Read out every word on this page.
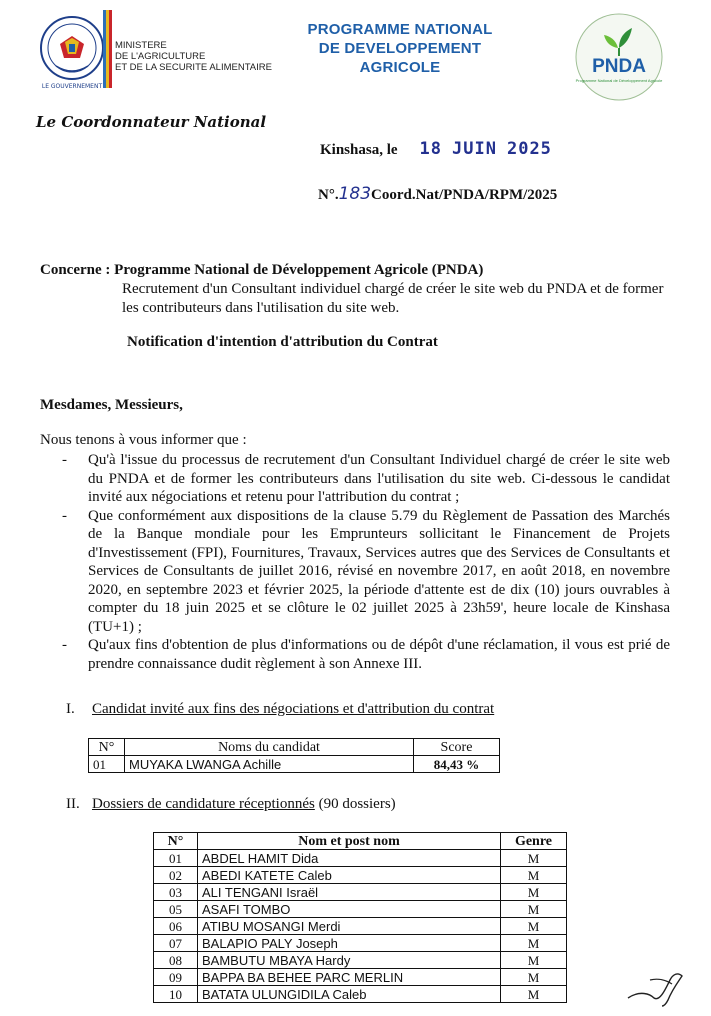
LE GOUVERNEMENT
MINISTERE
DE L'AGRICULTURE
ET DE LA SECURITE ALIMENTAIRE
PROGRAMME NATIONAL
DE DEVELOPPEMENT
AGRICOLE	PNDA
Programme National de Développement Agricole
Le Coordonnateur National
Kinshasa, le 18 JUIN 2025
N°.183Coord.Nat/PNDA/RPM/2025
Concerne : Programme National de Développement Agricole (PNDA)
Recrutement d'un Consultant individuel chargé de créer le site web du PNDA et de former les contributeurs dans l'utilisation du site web.
Notification d'intention d'attribution du Contrat
Mesdames, Messieurs,
Nous tenons à vous informer que :
- Qu'à l'issue du processus de recrutement d'un Consultant Individuel chargé de créer le site web du PNDA et de former les contributeurs dans l'utilisation du site web. Ci-dessous le candidat invité aux négociations et retenu pour l'attribution du contrat ;
- Que conformément aux dispositions de la clause 5.79 du Règlement de Passation des Marchés de la Banque mondiale pour les Emprunteurs sollicitant le Financement de Projets d'Investissement (FPI), Fournitures, Travaux, Services autres que des Services de Consultants et Services de Consultants de juillet 2016, révisé en novembre 2017, en août 2018, en novembre 2020, en septembre 2023 et février 2025, la période d'attente est de dix (10) jours ouvrables à compter du 18 juin 2025 et se clôture le 02 juillet 2025 à 23h59', heure locale de Kinshasa (TU+1) ;
- Qu'aux fins d'obtention de plus d'informations ou de dépôt d'une réclamation, il vous est prié de prendre connaissance dudit règlement à son Annexe III.
I. Candidat invité aux fins des négociations et d'attribution du contrat
N°	Noms du candidat	Score
01	MUYAKA LWANGA Achille	84,43 %
II. Dossiers de candidature réceptionnés (90 dossiers)
N°	Nom et post nom	Genre
01	ABDEL HAMIT Dida	M
02	ABEDI KATETE Caleb	M
03	ALI TENGANI Israël	M
05	ASAFI TOMBO	M
06	ATIBU MOSANGI Merdi	M
07	BALAPIO PALY Joseph	M
08	BAMBUTU MBAYA Hardy	M
09	BAPPA BA BEHEE PARC MERLIN	M
10	BATATA ULUNGIDILA Caleb	M
